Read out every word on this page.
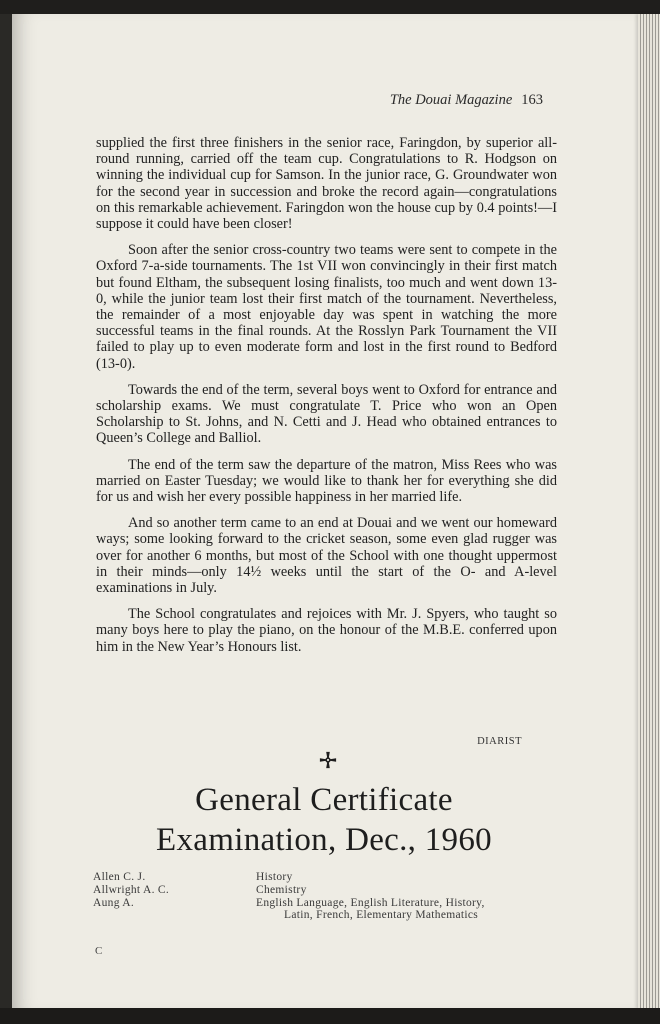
The Douai Magazine 163

supplied the first three finishers in the senior race, Faringdon, by superior all-round running, carried off the team cup. Congratulations to R. Hodgson on winning the individual cup for Samson. In the junior race, G. Groundwater won for the second year in succession and broke the record again—congratulations on this remarkable achievement. Faringdon won the house cup by 0.4 points!—I suppose it could have been closer!

Soon after the senior cross-country two teams were sent to compete in the Oxford 7-a-side tournaments. The 1st VII won convincingly in their first match but found Eltham, the subsequent losing finalists, too much and went down 13-0, while the junior team lost their first match of the tournament. Nevertheless, the remainder of a most enjoyable day was spent in watching the more successful teams in the final rounds. At the Rosslyn Park Tournament the VII failed to play up to even moderate form and lost in the first round to Bedford (13-0).

Towards the end of the term, several boys went to Oxford for entrance and scholarship exams. We must congratulate T. Price who won an Open Scholarship to St. Johns, and N. Cetti and J. Head who obtained entrances to Queen’s College and Balliol.

The end of the term saw the departure of the matron, Miss Rees who was married on Easter Tuesday; we would like to thank her for everything she did for us and wish her every possible happiness in her married life.

And so another term came to an end at Douai and we went our homeward ways; some looking forward to the cricket season, some even glad rugger was over for another 6 months, but most of the School with one thought uppermost in their minds—only 14½ weeks until the start of the O- and A-level examinations in July.

The School congratulates and rejoices with Mr. J. Spyers, who taught so many boys here to play the piano, on the honour of the M.B.E. conferred upon him in the New Year’s Honours list.

DIARIST
General Certificate
Examination, Dec., 1960
Allen C. J.	History
Allwright A. C.	Chemistry
Aung A.	English Language, English Literature, History,
Latin, French, Elementary Mathematics
C
